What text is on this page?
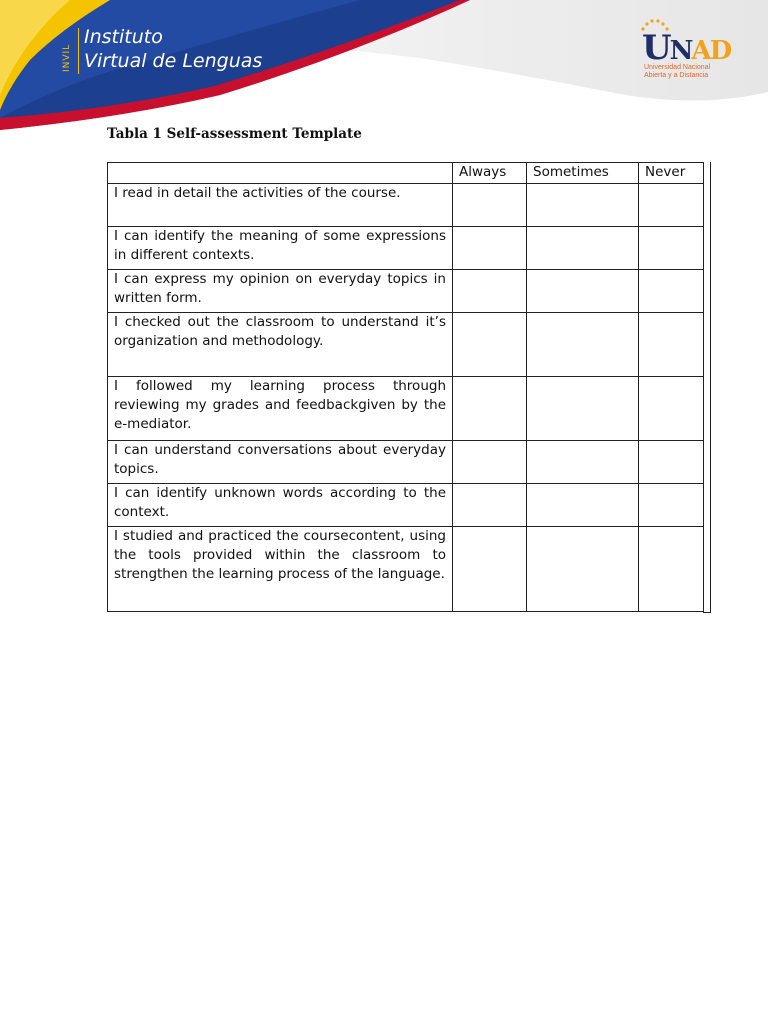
INVIL
Instituto
Virtual de Lenguas	UNAD
Universidad Nacional
Abierta y a Distancia
Tabla 1 Self-assessment Template
	Always	Sometimes	Never
I read in detail the activities of the course.			
I can identify the meaning of some expressions in different contexts.			
I can express my opinion on everyday topics in written form.			
I checked out the classroom to understand it’s organization and methodology.			
I followed my learning process through reviewing my grades and feedbackgiven by the e-mediator.			
I can understand conversations about everyday topics.			
I can identify unknown words according to the context.			
I studied and practiced the coursecontent, using the tools provided within the classroom to strengthen the learning process of the language.			
